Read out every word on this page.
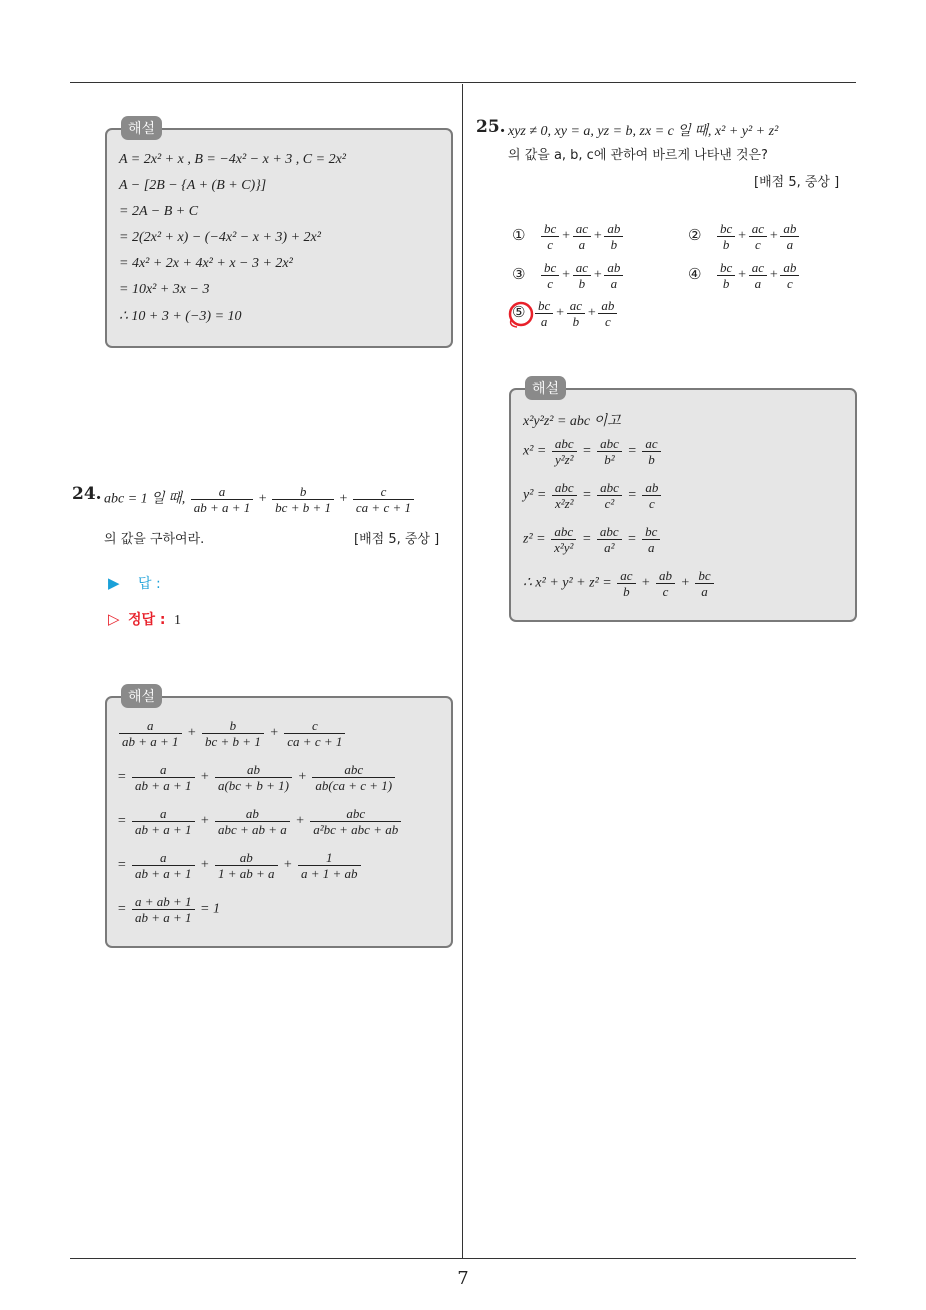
해설
A = 2x² + x , B = −4x² − x + 3 , C = 2x²
A − [2B − {A + (B + C)}]
= 2A − B + C
= 2(2x² + x) − (−4x² − x + 3) + 2x²
= 4x² + 2x + 4x² + x − 3 + 2x²
= 10x² + 3x − 3
∴ 10 + 3 + (−3) = 10
24. abc = 1 일 때, $\frac{a}{ab + a + 1} + \frac{b}{bc + b + 1} + \frac{c}{ca + c + 1}$
의 값을 구하여라.	[배점 5, 중상 ]
▶ 답 :
▷ 정답 : 1
해설
$\frac{a}{ab + a + 1} + \frac{b}{bc + b + 1} + \frac{c}{ca + c + 1}$
= $\frac{a}{ab + a + 1} + \frac{ab}{a(bc + b + 1)} + \frac{\text{abc}}{ab(ca + c + 1)}$
= $\frac{a}{ab + a + 1} + \frac{ab}{\text{abc + ab + a}} + \frac{\text{abc}}{\text{a²bc + abc + ab}}$
= $\frac{a}{ab + a + 1} + \frac{ab}{1 + ab + a} + \frac{1}{a + 1 + ab}$
= $\frac{a + ab + 1}{ab + a + 1} = 1$
25. xyz ≠ 0, xy = a, yz = b, zx = c 일 때, x² + y² + z²
의 값을 a, b, c에 관하여 바르게 나타낸 것은?
[배점 5, 중상 ]
① $\frac{bc}{c} + \frac{ac}{a} + \frac{ab}{b}$	② $\frac{bc}{b} + \frac{ac}{c} + \frac{ab}{a}$
③ $\frac{bc}{c} + \frac{ac}{b} + \frac{ab}{a}$	④ $\frac{bc}{b} + \frac{ac}{a} + \frac{ab}{c}$
⑤ $\frac{bc}{a} + \frac{ac}{b} + \frac{ab}{c}$
해설
x²y²z² = abc 이고
$x^2 = \frac{\text{abc}}{\text{y²z²}} = \frac{\text{abc}}{\text{b²}} = \frac{ac}{b}$
$y^2 = \frac{\text{abc}}{\text{x²z²}} = \frac{\text{abc}}{\text{c²}} = \frac{ab}{c}$
$z^2 = \frac{\text{abc}}{\text{x²y²}} = \frac{\text{abc}}{\text{a²}} = \frac{bc}{a}$
∴ $x^2 + y^2 + z^2 = \frac{ac}{b} + \frac{ab}{c} + \frac{bc}{a}$
7
